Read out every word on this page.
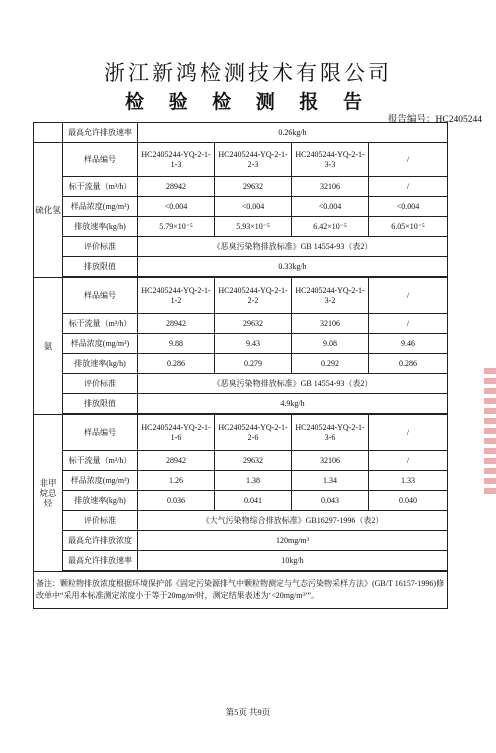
浙江新鸿检测技术有限公司
检 验 检 测 报 告
报告编号：HC2405244
	最高允许排放速率	0.26kg/h			
硫化氢	样品编号	HC2405244-YQ-2-1-1-3	HC2405244-YQ-2-1-2-3	HC2405244-YQ-2-1-3-3	/
	标干流量（m³/h）	28942	29632	32106	/
	样品浓度(mg/m³)	<0.004	<0.004	<0.004	<0.004
	排放速率(kg/h)	5.79×10⁻⁵	5.93×10⁻⁵	6.42×10⁻⁵	6.05×10⁻⁵
	评价标准	《恶臭污染物排放标准》GB 14554-93（表2）			
	排放限值	0.33kg/h			

氨	样品编号	HC2405244-YQ-2-1-1-2	HC2405244-YQ-2-1-2-2	HC2405244-YQ-2-1-3-2	/
	标干流量（m³/h）	28942	29632	32106	/
	样品浓度(mg/m³)	9.88	9.43	9.08	9.46
	排放速率(kg/h)	0.286	0.279	0.292	0.286
	评价标准	《恶臭污染物排放标准》GB 14554-93（表2）			
	排放限值	4.9kg/h			

非甲烷总烃	样品编号	HC2405244-YQ-2-1-1-6	HC2405244-YQ-2-1-2-6	HC2405244-YQ-2-1-3-6	/
	标干流量（m³/h）	28942	29632	32106	/
	样品浓度(mg/m³)	1.26	1.38	1.34	1.33
	排放速率(kg/h)	0.036	0.041	0.043	0.040
	评价标准	《大气污染物综合排放标准》GB16297-1996（表2）			
	最高允许排放浓度	120mg/m³			
	最高允许排放速率	10kg/h			

备注：颗粒物排放浓度根据环境保护部《固定污染源排气中颗粒物测定与气态污染物采样方法》(GB/T 16157-1996)修改单中“采用本标准测定浓度小于等于20mg/m³时，测定结果表述为‘<20mg/m³’”。					
第5页 共9页
